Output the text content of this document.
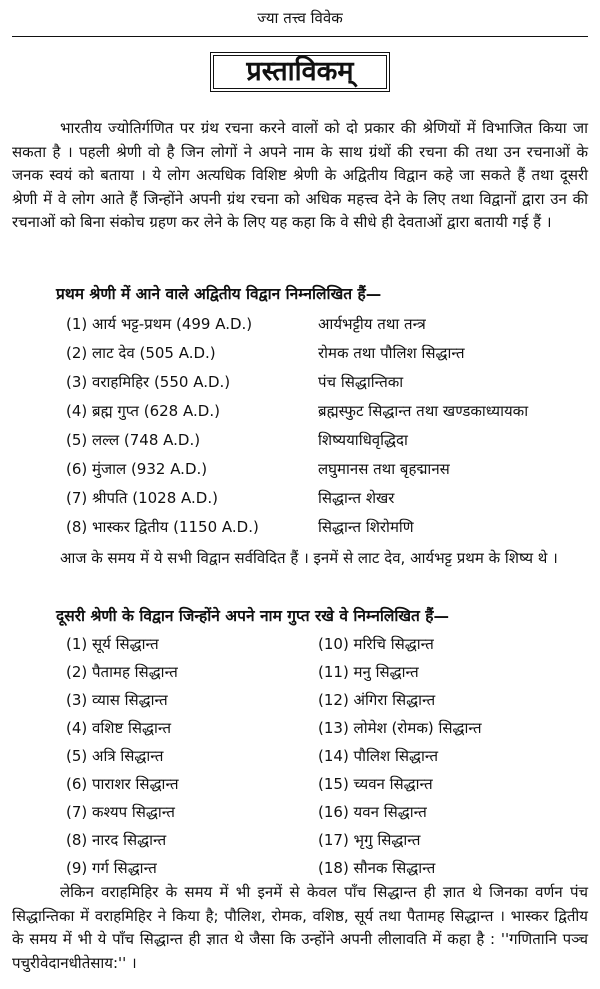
ज्या तत्त्व विवेक
प्रस्ताविकम्

भारतीय ज्योतिर्गणित पर ग्रंथ रचना करने वालों को दो प्रकार की श्रेणियों में विभाजित किया जा सकता है । पहली श्रेणी वो है जिन लोगों ने अपने नाम के साथ ग्रंथों की रचना की तथा उन रचनाओं के जनक स्वयं को बताया । ये लोग अत्यधिक विशिष्ट श्रेणी के अद्वितीय विद्वान कहे जा सकते हैं तथा दूसरी श्रेणी में वे लोग आते हैं जिन्होंने अपनी ग्रंथ रचना को अधिक महत्त्व देने के लिए तथा विद्वानों द्वारा उन की रचनाओं को बिना संकोच ग्रहण कर लेने के लिए यह कहा कि वे सीधे ही देवताओं द्वारा बतायी गई हैं ।

प्रथम श्रेणी में आने वाले अद्वितीय विद्वान निम्नलिखित हैं—
(1) आर्य भट्ट-प्रथम (499 A.D.)	आर्यभट्टीय तथा तन्त्र
(2) लाट देव (505 A.D.)	रोमक तथा पौलिश सिद्धान्त
(3) वराहमिहिर (550 A.D.)	पंच सिद्धान्तिका
(4) ब्रह्म गुप्त (628 A.D.)	ब्रह्मस्फुट सिद्धान्त तथा खण्डकाध्यायका
(5) लल्ल (748 A.D.)	शिष्ययाधिवृद्धिदा
(6) मुंजाल (932 A.D.)	लघुमानस तथा बृहद्मानस
(7) श्रीपति (1028 A.D.)	सिद्धान्त शेखर
(8) भास्कर द्वितीय (1150 A.D.)	सिद्धान्त शिरोमणि

आज के समय में ये सभी विद्वान सर्वविदित हैं । इनमें से लाट देव, आर्यभट्ट प्रथम के शिष्य थे ।

दूसरी श्रेणी के विद्वान जिन्होंने अपने नाम गुप्त रखे वे निम्नलिखित हैं—
(1) सूर्य सिद्धान्त	(10) मरिचि सिद्धान्त
(2) पैतामह सिद्धान्त	(11) मनु सिद्धान्त
(3) व्यास सिद्धान्त	(12) अंगिरा सिद्धान्त
(4) वशिष्ट सिद्धान्त	(13) लोमेश (रोमक) सिद्धान्त
(5) अत्रि सिद्धान्त	(14) पौलिश सिद्धान्त
(6) पाराशर सिद्धान्त	(15) च्यवन सिद्धान्त
(7) कश्यप सिद्धान्त	(16) यवन सिद्धान्त
(8) नारद सिद्धान्त	(17) भृगु सिद्धान्त
(9) गर्ग सिद्धान्त	(18) सौनक सिद्धान्त

लेकिन वराहमिहिर के समय में भी इनमें से केवल पाँच सिद्धान्त ही ज्ञात थे जिनका वर्णन पंच सिद्धान्तिका में वराहमिहिर ने किया है; पौलिश, रोमक, वशिष्ठ, सूर्य तथा पैतामह सिद्धान्त । भास्कर द्वितीय के समय में भी ये पाँच सिद्धान्त ही ज्ञात थे जैसा कि उन्होंने अपनी लीलावति में कहा है : ''गणितानि पञ्च पचुरीवेदानधीतेसाय:'' ।
